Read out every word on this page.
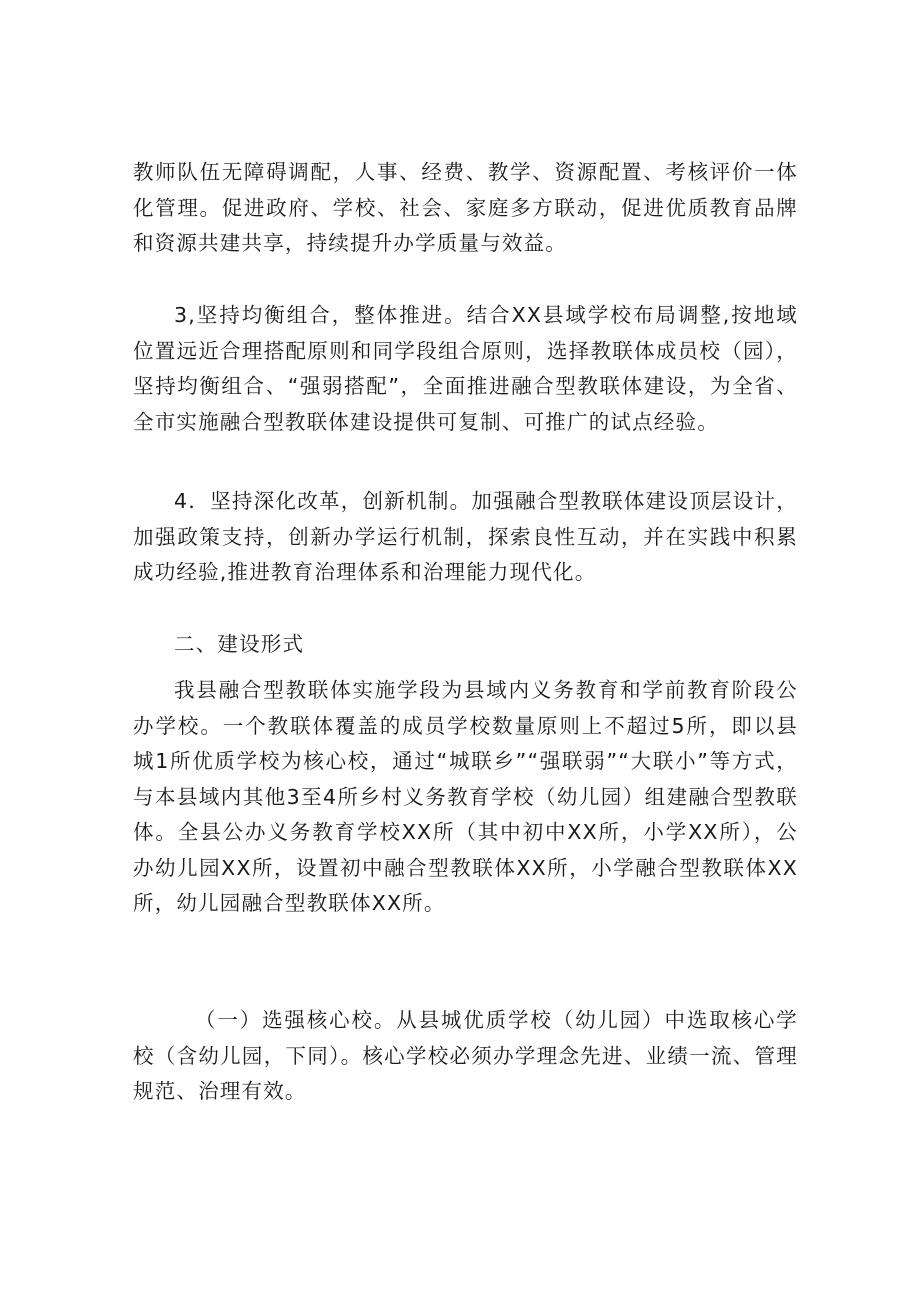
教师队伍无障碍调配，人事、经费、教学、资源配置、考核评价一体化管理。促进政府、学校、社会、家庭多方联动，促进优质教育品牌和资源共建共享，持续提升办学质量与效益。

3,坚持均衡组合，整体推进。结合XX县域学校布局调整,按地域位置远近合理搭配原则和同学段组合原则，选择教联体成员校（园），坚持均衡组合、“强弱搭配”，全面推进融合型教联体建设，为全省、全市实施融合型教联体建设提供可复制、可推广的试点经验。

4．坚持深化改革，创新机制。加强融合型教联体建设顶层设计，加强政策支持，创新办学运行机制，探索良性互动，并在实践中积累成功经验,推进教育治理体系和治理能力现代化。

二、建设形式

我县融合型教联体实施学段为县域内义务教育和学前教育阶段公办学校。一个教联体覆盖的成员学校数量原则上不超过5所，即以县城1所优质学校为核心校，通过“城联乡”“强联弱”“大联小”等方式，与本县域内其他3至4所乡村义务教育学校（幼儿园）组建融合型教联体。全县公办义务教育学校XX所（其中初中XX所，小学XX所），公办幼儿园XX所，设置初中融合型教联体XX所，小学融合型教联体XX所，幼儿园融合型教联体XX所。

（一）选强核心校。从县城优质学校（幼儿园）中选取核心学校（含幼儿园，下同）。核心学校必须办学理念先进、业绩一流、管理规范、治理有效。
